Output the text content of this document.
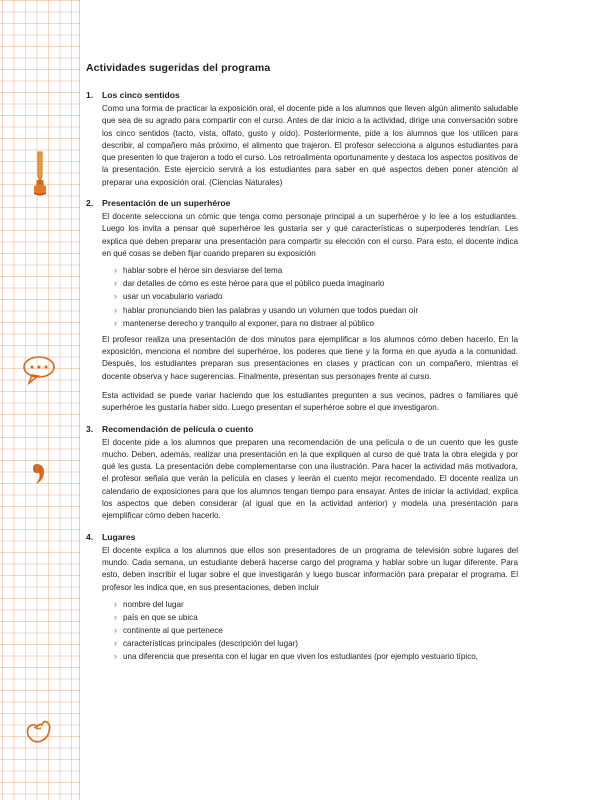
Actividades sugeridas del programa
1. Los cinco sentidos

Como una forma de practicar la exposición oral, el docente pide a los alumnos que lleven algún alimento saludable que sea de su agrado para compartir con el curso. Antes de dar inicio a la actividad, dirige una conversación sobre los cinco sentidos (tacto, vista, olfato, gusto y oído). Posteriormente, pide a los alumnos que los utilicen para describir, al compañero más próximo, el alimento que trajeron. El profesor selecciona a algunos estudiantes para que presenten lo que trajeron a todo el curso. Los retroalimenta oportunamente y destaca los aspectos positivos de la presentación. Este ejercicio servirá a los estudiantes para saber en qué aspectos deben poner atención al preparar una exposición oral. (Ciencias Naturales)

2. Presentación de un superhéroe

El docente selecciona un cómic que tenga como personaje principal a un superhéroe y lo lee a los estudiantes. Luego los invita a pensar qué superhéroe les gustaría ser y qué características o superpoderes tendrían. Les explica que deben preparar una presentación para compartir su elección con el curso. Para esto, el docente indica en qué cosas se deben fijar cuando preparen su exposición

› hablar sobre el héroe sin desviarse del tema
› dar detalles de cómo es este héroe para que el público pueda imaginarlo
› usar un vocabulario variado
› hablar pronunciando bien las palabras y usando un volumen que todos puedan oír
› mantenerse derecho y tranquilo al exponer, para no distraer al público

El profesor realiza una presentación de dos minutos para ejemplificar a los alumnos cómo deben hacerlo. En la exposición, menciona el nombre del superhéroe, los poderes que tiene y la forma en que ayuda a la comunidad. Después, los estudiantes preparan sus presentaciones en clases y practican con un compañero, mientras el docente observa y hace sugerencias. Finalmente, presentan sus personajes frente al curso.

Esta actividad se puede variar haciendo que los estudiantes pregunten a sus vecinos, padres o familiares qué superhéroe les gustaría haber sido. Luego presentan el superhéroe sobre el que investigaron.

3. Recomendación de película o cuento

El docente pide a los alumnos que preparen una recomendación de una película o de un cuento que les guste mucho. Deben, además, realizar una presentación en la que expliquen al curso de qué trata la obra elegida y por qué les gusta. La presentación debe complementarse con una ilustración. Para hacer la actividad más motivadora, el profesor señala que verán la película en clases y leerán el cuento mejor recomendado. El docente realiza un calendario de exposiciones para que los alumnos tengan tiempo para ensayar. Antes de iniciar la actividad, explica los aspectos que deben considerar (al igual que en la actividad anterior) y modela una presentación para ejemplificar cómo deben hacerlo.

4. Lugares

El docente explica a los alumnos que ellos son presentadores de un programa de televisión sobre lugares del mundo. Cada semana, un estudiante deberá hacerse cargo del programa y hablar sobre un lugar diferente. Para esto, deben inscribir el lugar sobre el que investigarán y luego buscar información para preparar el programa. El profesor les indica que, en sus presentaciones, deben incluir

› nombre del lugar
› país en que se ubica
› continente al que pertenece
› características principales (descripción del lugar)
› una diferencia que presenta con el lugar en que viven los estudiantes (por ejemplo vestuario típico,
